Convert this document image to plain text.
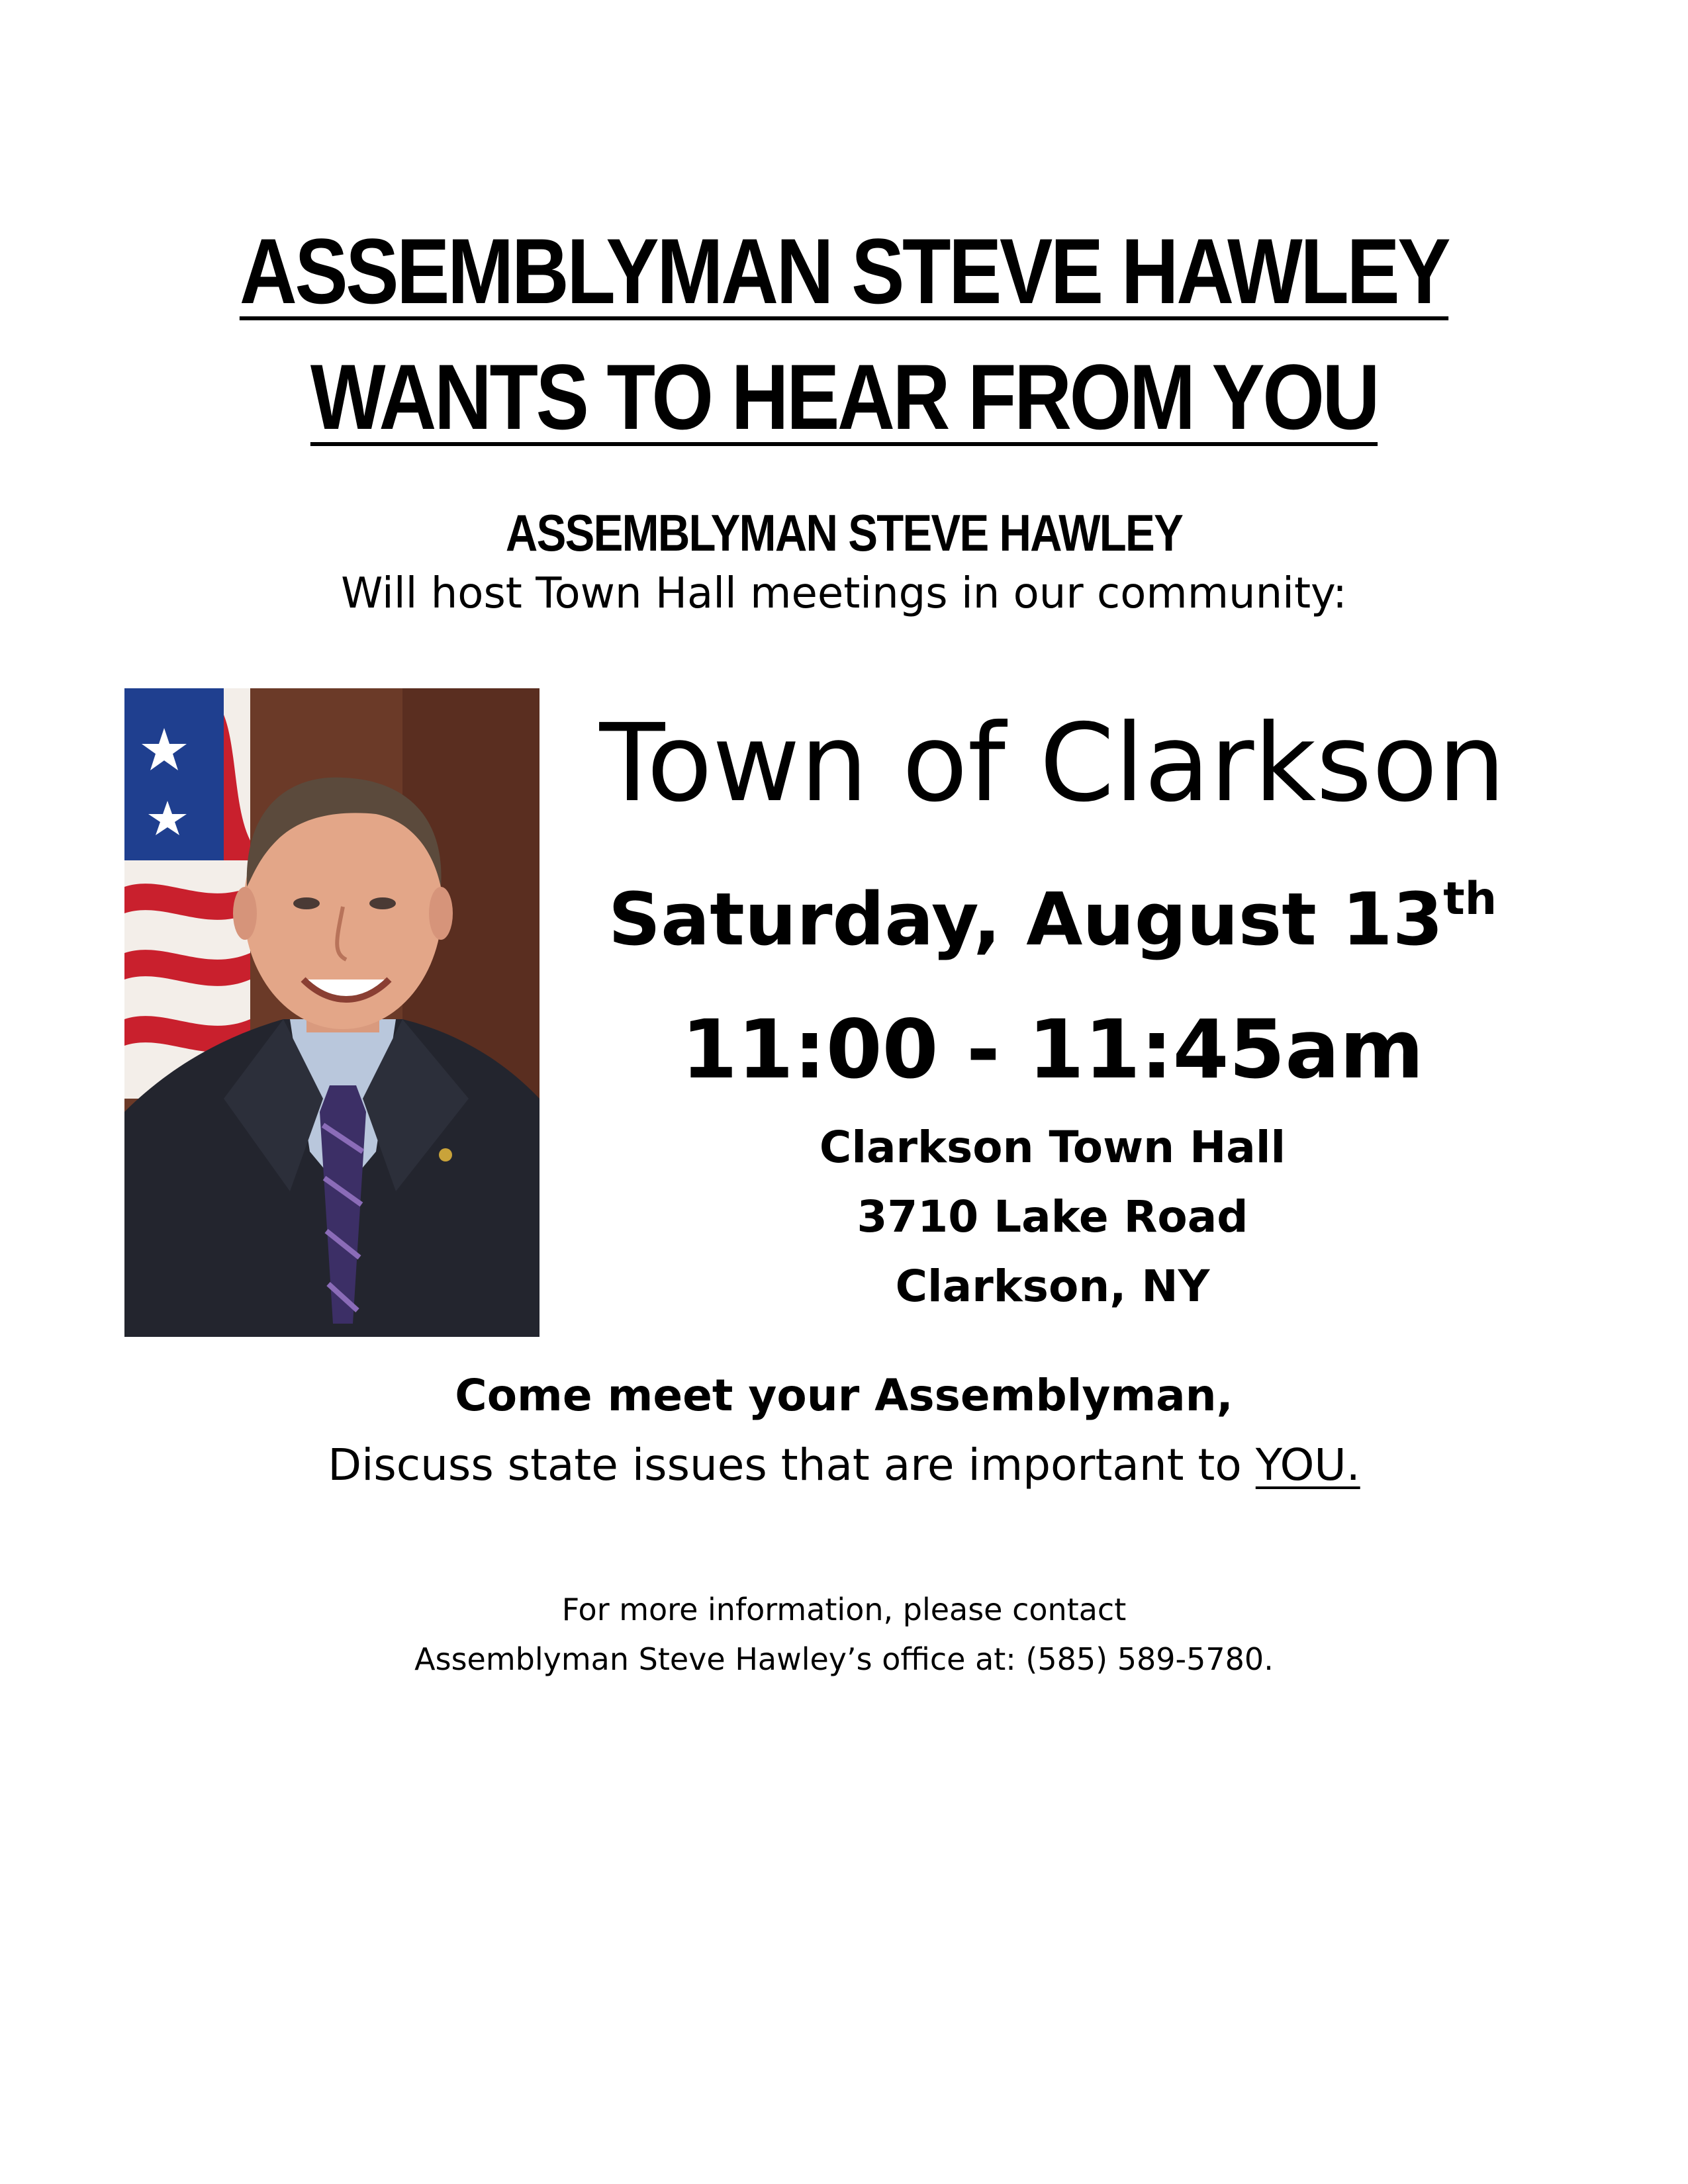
ASSEMBLYMAN STEVE HAWLEY
WANTS TO HEAR FROM YOU

ASSEMBLYMAN STEVE HAWLEY

Will host Town Hall meetings in our community:

Town of Clarkson

Saturday, August 13th

11:00 - 11:45am

Clarkson Town Hall

3710 Lake Road

Clarkson, NY

Come meet your Assemblyman,

Discuss state issues that are important to YOU.

For more information, please contact

Assemblyman Steve Hawley’s office at: (585) 589-5780.
